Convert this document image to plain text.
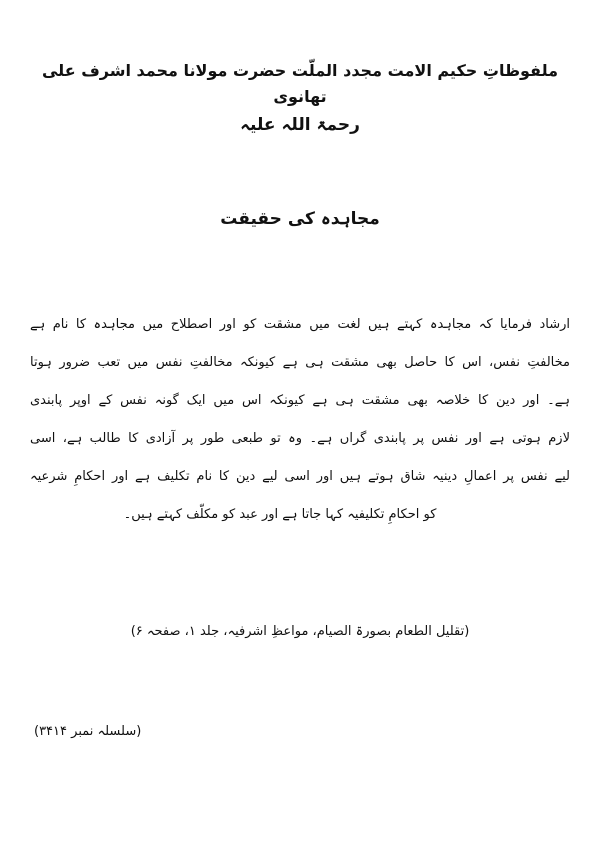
ملفوظاتِ حکیم الامت مجدد الملّت حضرت مولانا محمد اشرف علی تھانوی
رحمۃ اللہ علیہ
مجاہدہ کی حقیقت
ارشاد فرمایا کہ مجاہدہ کہتے ہیں لغت میں مشقت کو اور اصطلاح میں مجاہدہ کا نام ہے
مخالفتِ نفس، اس کا حاصل بھی مشقت ہی ہے کیونکہ مخالفتِ نفس میں تعب ضرور ہوتا
ہے۔ اور دین کا خلاصہ بھی مشقت ہی ہے کیونکہ اس میں ایک گونہ نفس کے اوپر پابندی
لازم ہوتی ہے اور نفس پر پابندی گراں ہے۔ وہ تو طبعی طور پر آزادی کا طالب ہے، اسی
لیے نفس پر اعمالِ دینیہ شاق ہوتے ہیں اور اسی لیے دین کا نام تکلیف ہے اور احکامِ شرعیہ
کو احکامِ تکلیفیہ کہا جاتا ہے اور عبد کو مکلّف کہتے ہیں۔
(تقلیل الطعام بصورۃ الصیام، مواعظِ اشرفیہ، جلد ۱، صفحہ ۶)
(سلسلہ نمبر ۳۴۱۴)
